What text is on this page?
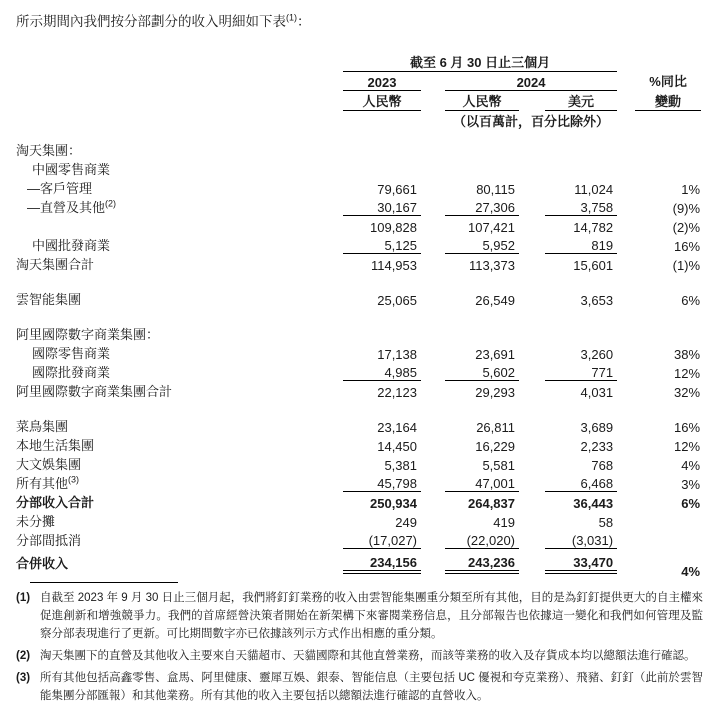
所示期間內我們按分部劃分的收入明細如下表$^{(1)}$：

	截至 6 月 30 日止三個月						
	2023		2024				%同比
	人民幣		人民幣		美元		變動
			（以百萬計，百分比除外）				

淘天集團：							
中國零售商業							
—客戶管理	79,661		80,115		11,024		1%
—直營及其他$^{(2)}$	30,167		27,306		3,758		(9)%
	109,828		107,421		14,782		(2)%
中國批發商業	5,125		5,952		819		16%
淘天集團合計	114,953		113,373		15,601		(1)%

雲智能集團	25,065		26,549		3,653		6%

阿里國際數字商業集團：							
國際零售商業	17,138		23,691		3,260		38%
國際批發商業	4,985		5,602		771		12%
阿里國際數字商業集團合計	22,123		29,293		4,031		32%

菜鳥集團	23,164		26,811		3,689		16%
本地生活集團	14,450		16,229		2,233		12%
大文娛集團	5,381		5,581		768		4%
所有其他$^{(3)}$	45,798		47,001		6,468		3%
分部收入合計	250,934		264,837		36,443		6%
未分攤	249		419		58		
分部間抵消	(17,027)		(22,020)		(3,031)		
合併收入	234,156		243,236		33,470		4%
(1) 自截至 2023 年 9 月 30 日止三個月起，我們將釘釘業務的收入由雲智能集團重分類至所有其他，目的是為釘釘提供更大的自主權來促進創新和增強競爭力。我們的首席經營決策者開始在新架構下來審閱業務信息，且分部報告也依據這一變化和我們如何管理及監察分部表現進行了更新。可比期間數字亦已依據該列示方式作出相應的重分類。
(2) 淘天集團下的直營及其他收入主要來自天貓超市、天貓國際和其他直營業務，而該等業務的收入及存貨成本均以總額法進行確認。
(3) 所有其他包括高鑫零售、盒馬、阿里健康、靈犀互娛、銀泰、智能信息（主要包括 UC 優視和夸克業務）、飛豬、釘釘（此前於雲智能集團分部匯報）和其他業務。所有其他的收入主要包括以總額法進行確認的直營收入。
